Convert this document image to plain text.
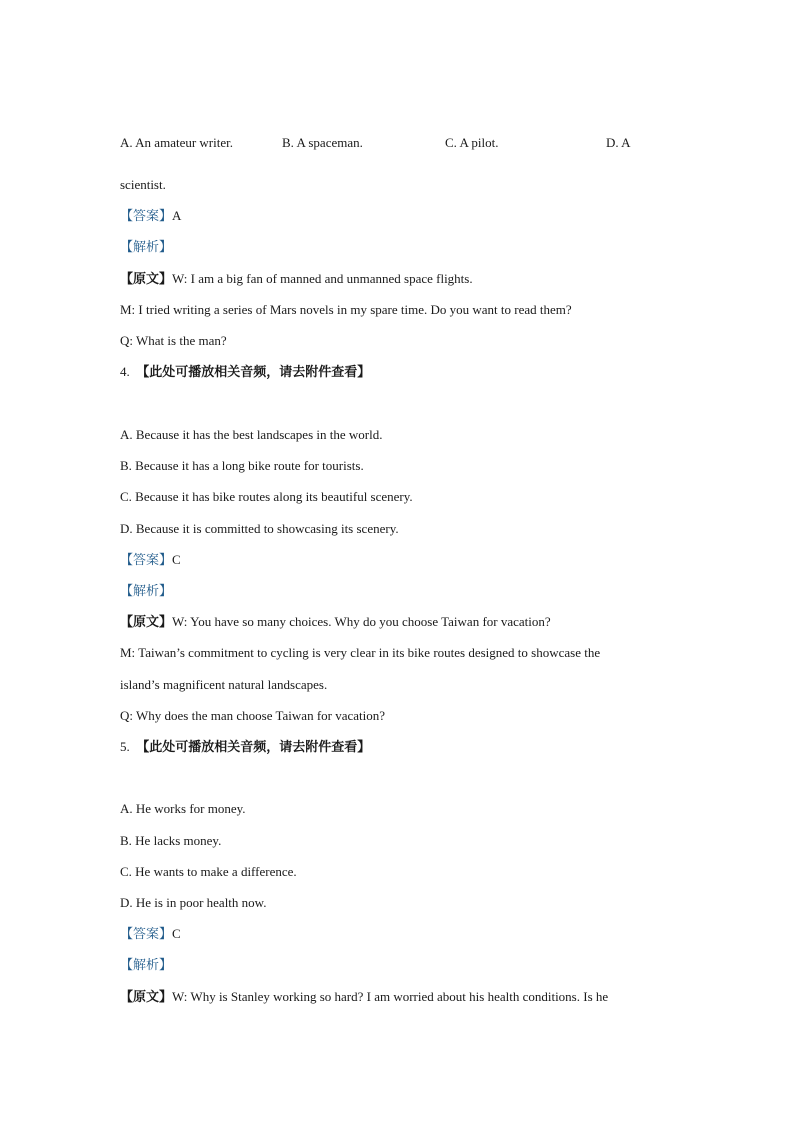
A. An amateur writer.	B. A spaceman.	C. A pilot.	D. A

scientist.

【答案】A

【解析】

【原文】W: I am a big fan of manned and unmanned space flights.

M: I tried writing a series of Mars novels in my spare time. Do you want to read them?

Q: What is the man?

4. 【此处可播放相关音频，请去附件查看】

A. Because it has the best landscapes in the world.

B. Because it has a long bike route for tourists.

C. Because it has bike routes along its beautiful scenery.

D. Because it is committed to showcasing its scenery.

【答案】C

【解析】

【原文】W: You have so many choices. Why do you choose Taiwan for vacation?

M: Taiwan’s commitment to cycling is very clear in its bike routes designed to showcase the

island’s magnificent natural landscapes.

Q: Why does the man choose Taiwan for vacation?

5. 【此处可播放相关音频，请去附件查看】

A. He works for money.

B. He lacks money.

C. He wants to make a difference.

D. He is in poor health now.

【答案】C

【解析】

【原文】W: Why is Stanley working so hard? I am worried about his health conditions. Is he
